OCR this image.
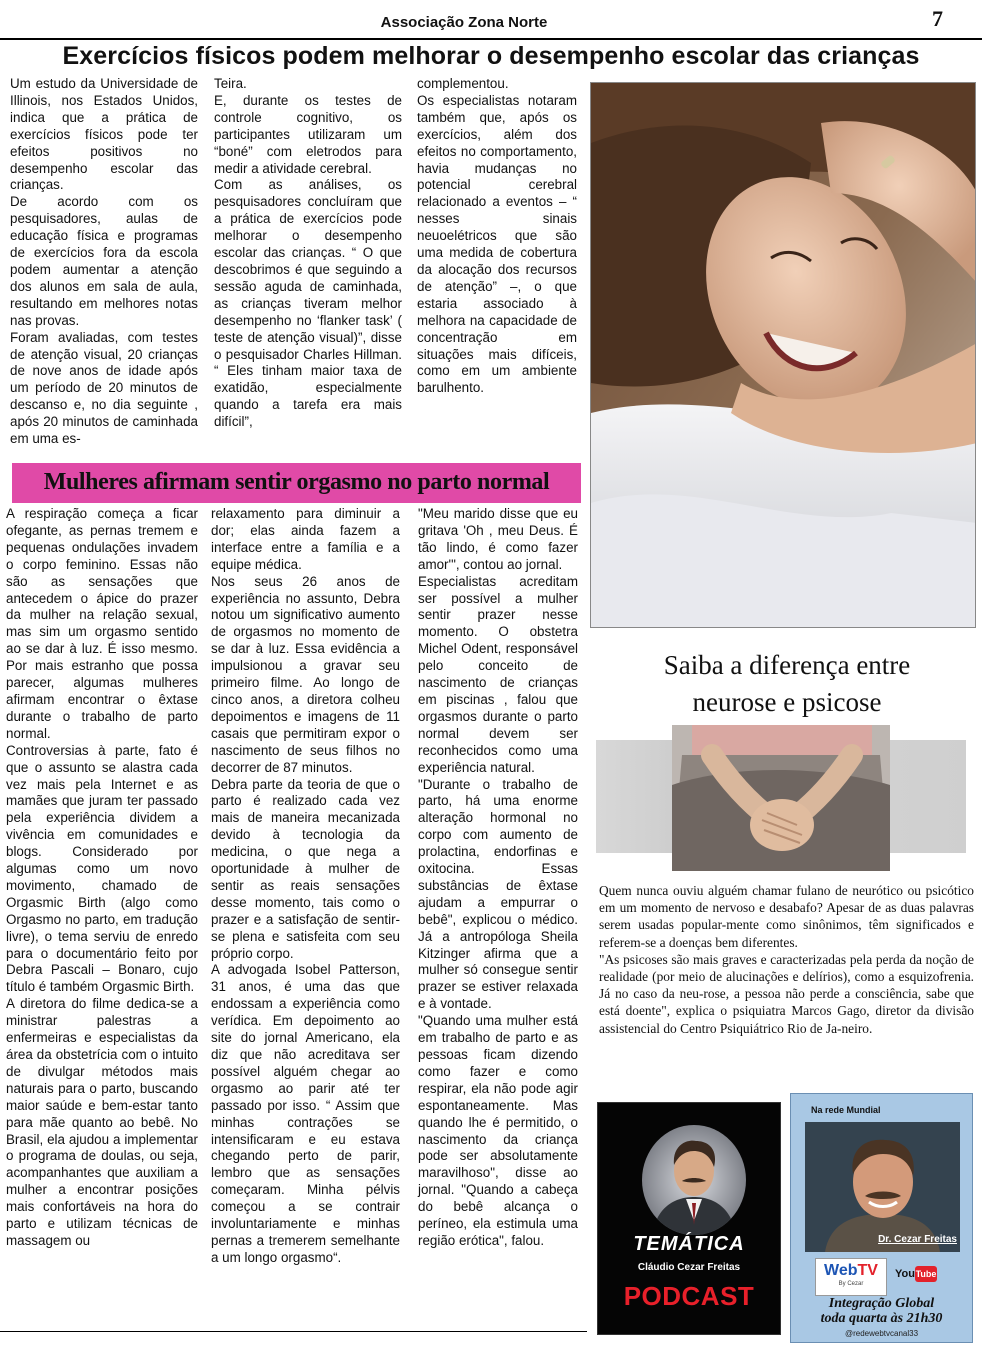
Associação Zona Norte	7
Exercícios físicos podem melhorar o desempenho escolar das crianças

Um estudo da Universidade de Illinois, nos Estados Unidos, indica que a prática de exercícios físicos pode ter efeitos positivos no desempenho escolar das crianças.

De acordo com os pesquisadores, aulas de educação física e programas de exercícios fora da escola podem aumentar a atenção dos alunos em sala de aula, resultando em melhores notas nas provas.

Foram avaliadas, com testes de atenção visual, 20 crianças de nove anos de idade após um período de 20 minutos de descanso e, no dia seguinte , após 20 minutos de caminhada em uma es-

Teira.

E, durante os testes de controle cognitivo, os participantes utilizaram um “boné” com eletrodos para medir a atividade cerebral.

Com as análises, os pesquisadores concluíram que a prática de exercícios pode melhorar o desempenho escolar das crianças. “ O que descobrimos é que seguindo a sessão aguda de caminhada, as crianças tiveram melhor desempenho no ‘flanker task’ ( teste de atenção visual)”, disse o pesquisador Charles Hillman. “ Eles tinham maior taxa de exatidão, especialmente quando a tarefa era mais difícil”,

complementou.

Os especialistas notaram também que, após os exercícios, além dos efeitos no comportamento, havia mudanças no potencial cerebral relacionado a eventos – “ nesses sinais neuoelétricos que são uma medida de cobertura da alocação dos recursos de atenção” –, o que estaria associado à melhora na capacidade de concentração em situações mais difíceis, como em um ambiente barulhento.

Mulheres afirmam sentir orgasmo no parto normal

A respiração começa a ficar ofegante, as pernas tremem e pequenas ondulações invadem o corpo feminino. Essas não são as sensações que antecedem o ápice do prazer da mulher na relação sexual, mas sim um orgasmo sentido ao se dar à luz. É isso mesmo. Por mais estranho que possa parecer, algumas mulheres afirmam encontrar o êxtase durante o trabalho de parto normal.

Controversias à parte, fato é que o assunto se alastra cada vez mais pela Internet e as mamães que juram ter passado pela experiência dividem a vivência em comunidades e blogs. Considerado por algumas como um novo movimento, chamado de Orgasmic Birth (algo como Orgasmo no parto, em tradução livre), o tema serviu de enredo para o documentário feito por Debra Pascali – Bonaro, cujo título é também Orgasmic Birth.

A diretora do filme dedica-se a ministrar palestras a enfermeiras e especialistas da área da obstetrícia com o intuito de divulgar métodos mais naturais para o parto, buscando maior saúde e bem-estar tanto para mãe quanto ao bebê. No Brasil, ela ajudou a implementar o programa de doulas, ou seja, acompanhantes que auxiliam a mulher a encontrar posições mais confortáveis na hora do parto e utilizam técnicas de massagem ou

relaxamento para diminuir a dor; elas ainda fazem a interface entre a família e a equipe médica.

Nos seus 26 anos de experiência no assunto, Debra notou um significativo aumento de orgasmos no momento de se dar à luz. Essa evidência a impulsionou a gravar seu primeiro filme. Ao longo de cinco anos, a diretora colheu depoimentos e imagens de 11 casais que permitiram expor o nascimento de seus filhos no decorrer de 87 minutos.

Debra parte da teoria de que o parto é realizado cada vez mais de maneira mecanizada devido à tecnologia da medicina, o que nega a oportunidade à mulher de sentir as reais sensações desse momento, tais como o prazer e a satisfação de sentir-se plena e satisfeita com seu próprio corpo.

A advogada Isobel Patterson, 31 anos, é uma das que endossam a experiência como verídica. Em depoimento ao site do jornal Americano, ela diz que não acreditava ser possível alguém chegar ao orgasmo ao parir até ter passado por isso. “ Assim que minhas contrações se intensificaram e eu estava chegando perto de parir, lembro que as sensações começaram. Minha pélvis começou a se contrair involuntariamente e minhas pernas a tremerem semelhante a um longo orgasmo“.

"Meu marido disse que eu gritava 'Oh , meu Deus. É tão lindo, é como fazer amor'", contou ao jornal.

Especialistas acreditam ser possível a mulher sentir prazer nesse momento. O obstetra Michel Odent, responsável pelo conceito de nascimento de crianças em piscinas , falou que orgasmos durante o parto normal devem ser reconhecidos como uma experiência natural.

"Durante o trabalho de parto, há uma enorme alteração hormonal no corpo com aumento de prolactina, endorfinas e oxitocina. Essas substâncias de êxtase ajudam a empurrar o bebê", explicou o médico. Já a antropóloga Sheila Kitzinger afirma que a mulher só consegue sentir prazer se estiver relaxada e à vontade.

"Quando uma mulher está em trabalho de parto e as pessoas ficam dizendo como fazer e como respirar, ela não pode agir espontaneamente. Mas quando lhe é permitido, o nascimento da criança pode ser absolutamente maravilhoso", disse ao jornal. "Quando a cabeça do bebê alcança o períneo, ela estimula uma região erótica", falou.

Saiba a diferença entre
neurose e psicose

Quem nunca ouviu alguém chamar fulano de neurótico ou psicótico em um momento de nervoso e desabafo? Apesar de as duas palavras serem usadas popular-mente como sinônimos, têm significados e referem-se a doenças bem diferentes.

"As psicoses são mais graves e caracterizadas pela perda da noção de realidade (por meio de alucinações e delírios), como a esquizofrenia. Já no caso da neu-rose, a pessoa não perde a consciência, sabe que está doente", explica o psiquiatra Marcos Gago, diretor da divisão assistencial do Centro Psiquiátrico Rio de Ja-neiro.

TEMÁTICA
Cláudio Cezar Freitas
PODCAST
Na rede Mundial
Dr. Cezar Freitas
WebTV
By Cezar
You Tube
Integração Global
toda quarta às 21h30
@redewebtvcanal33
